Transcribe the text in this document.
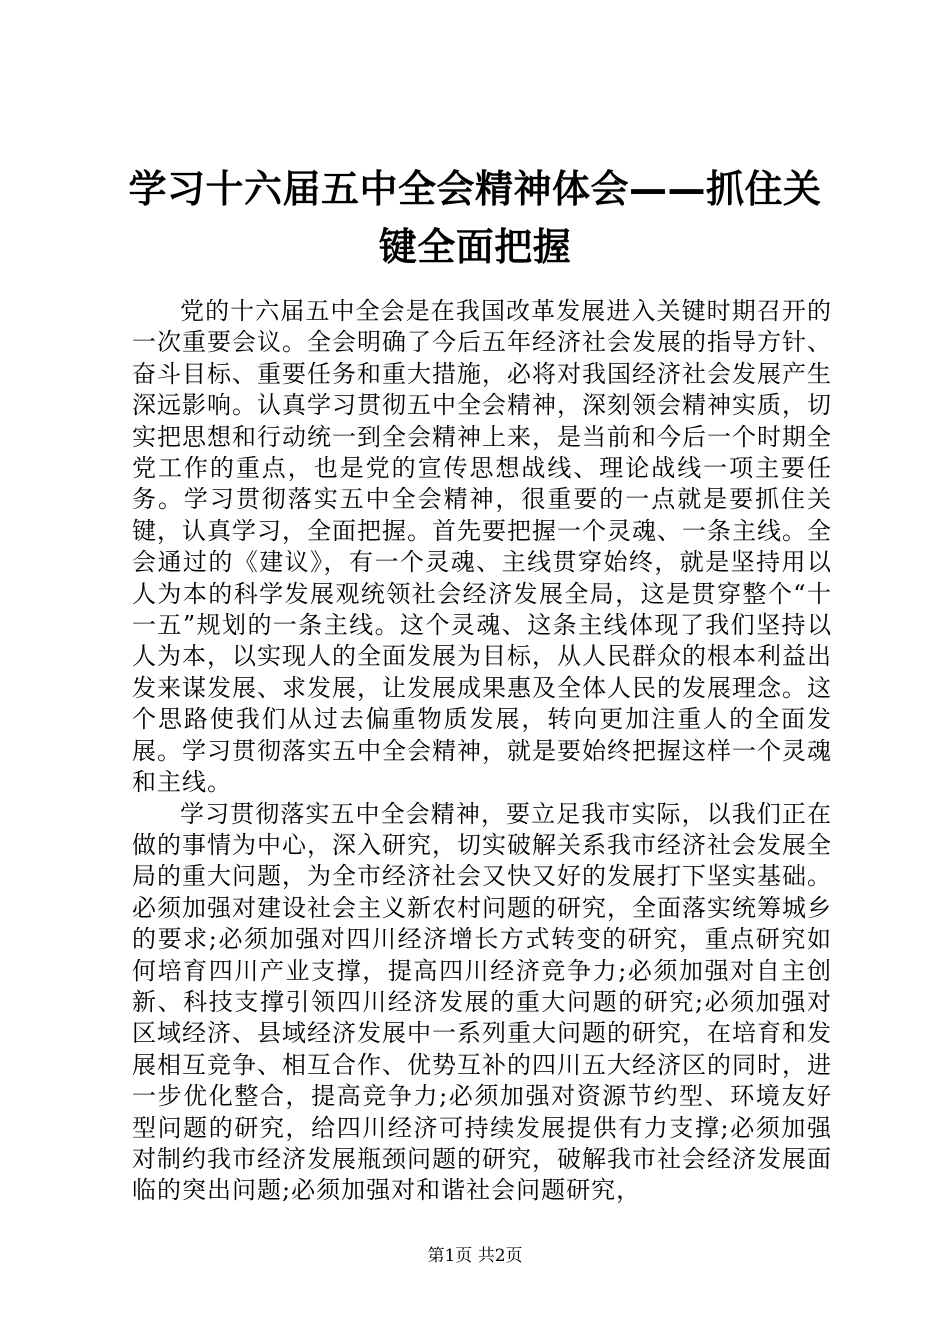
学习十六届五中全会精神体会——抓住关键全面把握

党的十六届五中全会是在我国改革发展进入关键时期召开的一次重要会议。全会明确了今后五年经济社会发展的指导方针、奋斗目标、重要任务和重大措施，必将对我国经济社会发展产生深远影响。认真学习贯彻五中全会精神，深刻领会精神实质，切实把思想和行动统一到全会精神上来，是当前和今后一个时期全党工作的重点，也是党的宣传思想战线、理论战线一项主要任务。学习贯彻落实五中全会精神，很重要的一点就是要抓住关键，认真学习，全面把握。首先要把握一个灵魂、一条主线。全会通过的《建议》，有一个灵魂、主线贯穿始终，就是坚持用以人为本的科学发展观统领社会经济发展全局，这是贯穿整个“十一五”规划的一条主线。这个灵魂、这条主线体现了我们坚持以人为本，以实现人的全面发展为目标，从人民群众的根本利益出发来谋发展、求发展，让发展成果惠及全体人民的发展理念。这个思路使我们从过去偏重物质发展，转向更加注重人的全面发展。学习贯彻落实五中全会精神，就是要始终把握这样一个灵魂和主线。

学习贯彻落实五中全会精神，要立足我市实际，以我们正在做的事情为中心，深入研究，切实破解关系我市经济社会发展全局的重大问题，为全市经济社会又快又好的发展打下坚实基础。必须加强对建设社会主义新农村问题的研究，全面落实统筹城乡的要求;必须加强对四川经济增长方式转变的研究，重点研究如何培育四川产业支撑，提高四川经济竞争力;必须加强对自主创新、科技支撑引领四川经济发展的重大问题的研究;必须加强对区域经济、县域经济发展中一系列重大问题的研究，在培育和发展相互竞争、相互合作、优势互补的四川五大经济区的同时，进一步优化整合，提高竞争力;必须加强对资源节约型、环境友好型问题的研究，给四川经济可持续发展提供有力支撑;必须加强对制约我市经济发展瓶颈问题的研究，破解我市社会经济发展面临的突出问题;必须加强对和谐社会问题研究，

第1页 共2页
